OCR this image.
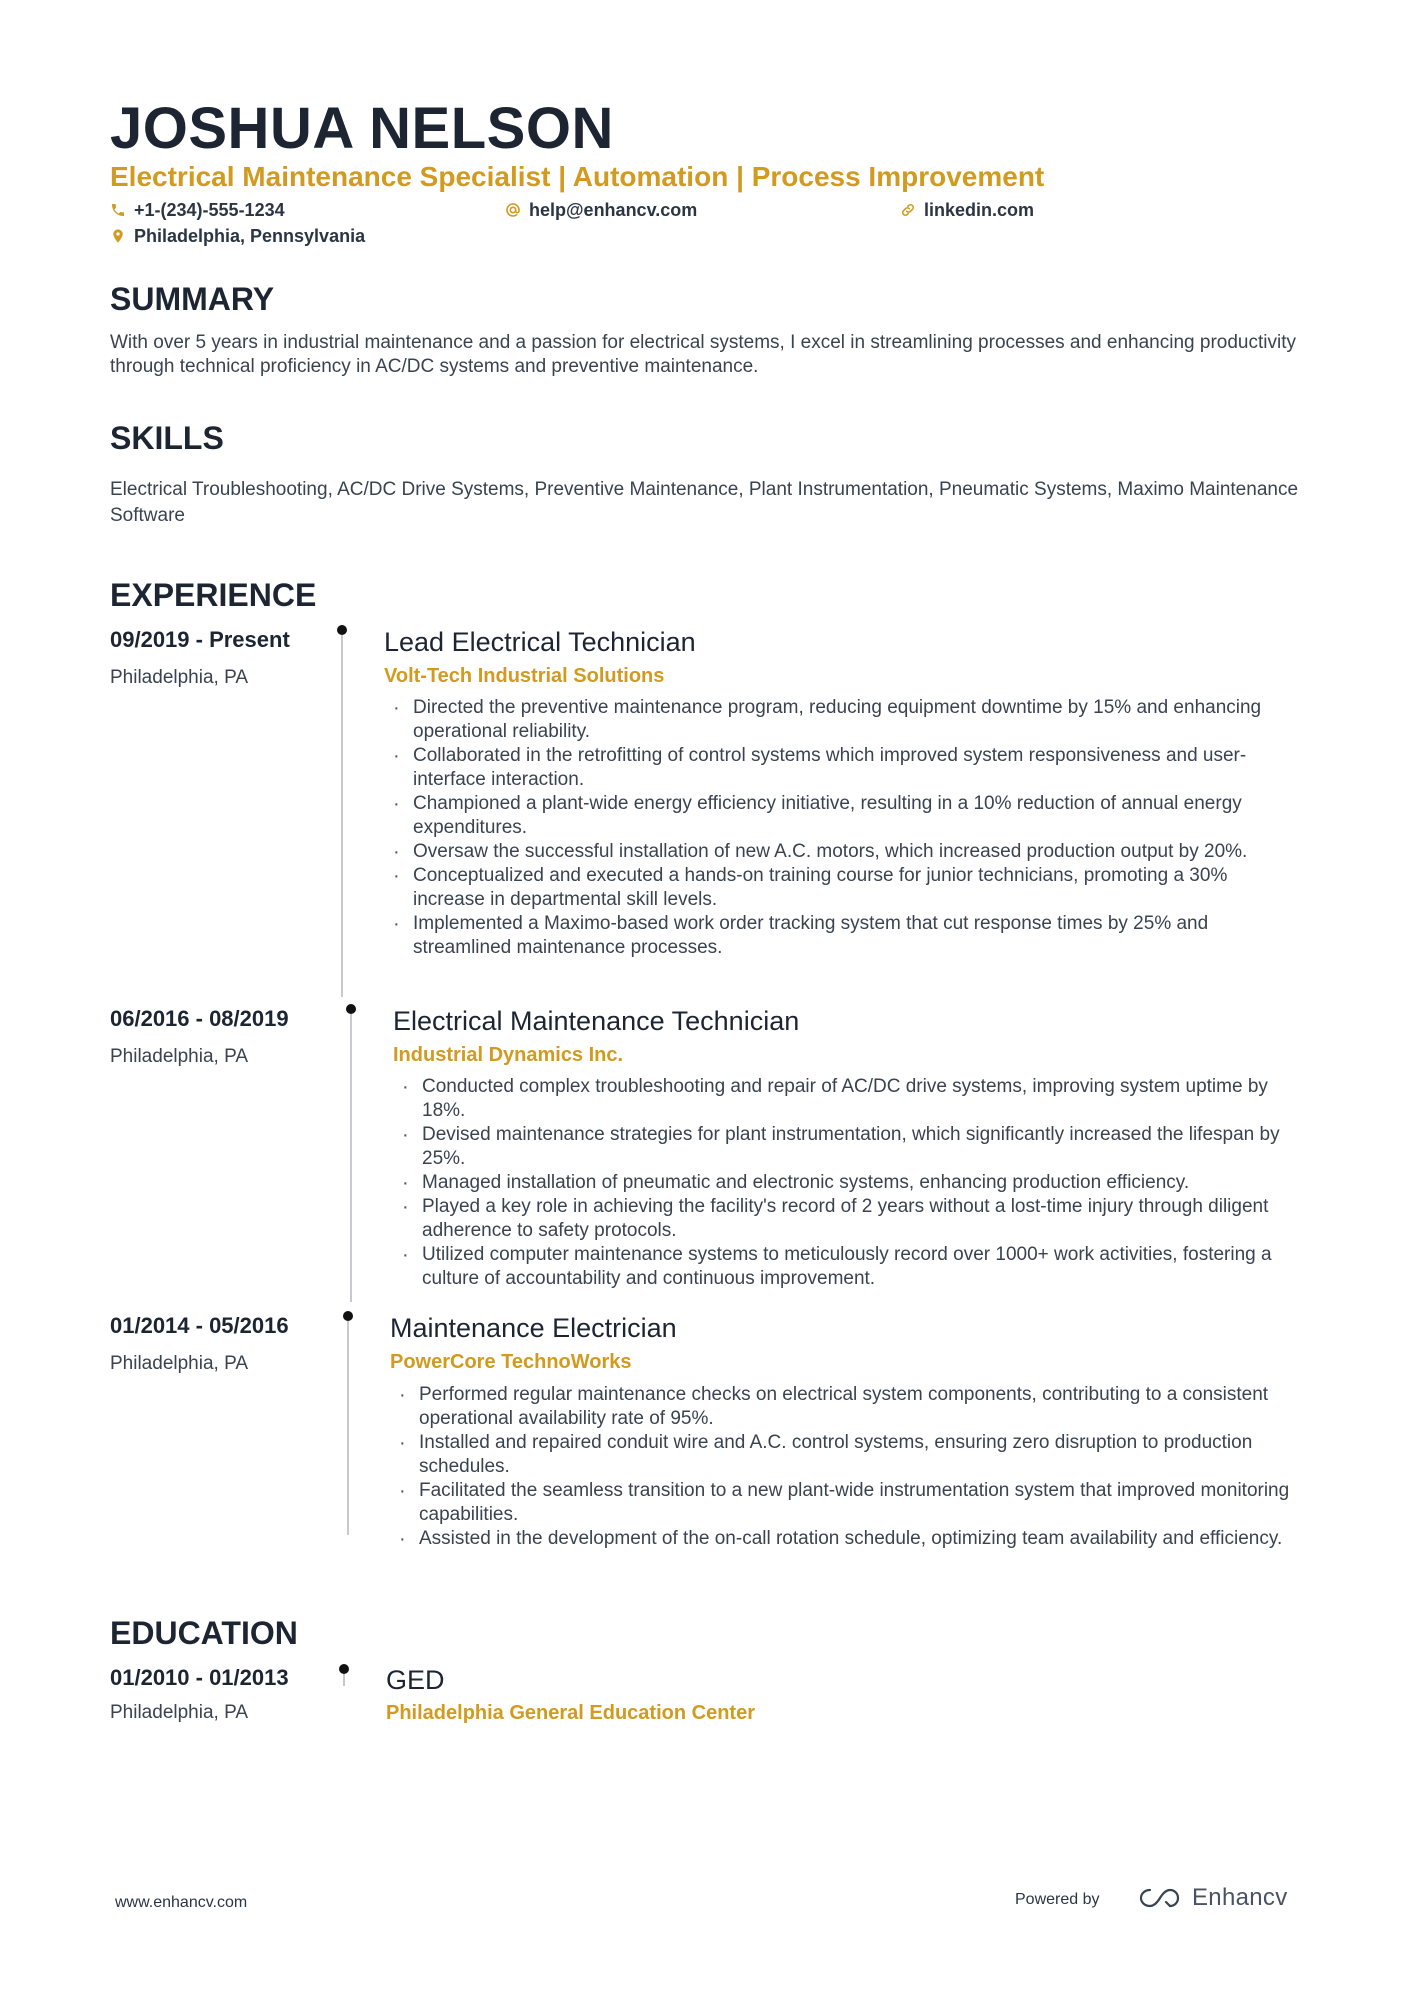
JOSHUA NELSON
Electrical Maintenance Specialist | Automation | Process Improvement
+1-(234)-555-1234	help@enhancv.com	linkedin.com
Philadelphia, Pennsylvania
SUMMARY
With over 5 years in industrial maintenance and a passion for electrical systems, I excel in streamlining processes and enhancing productivity through technical proficiency in AC/DC systems and preventive maintenance.
SKILLS
Electrical Troubleshooting, AC/DC Drive Systems, Preventive Maintenance, Plant Instrumentation, Pneumatic Systems, Maximo Maintenance Software
EXPERIENCE
09/2019 - Present
Philadelphia, PA
Lead Electrical Technician
Volt-Tech Industrial Solutions
· Directed the preventive maintenance program, reducing equipment downtime by 15% and enhancing operational reliability.
· Collaborated in the retrofitting of control systems which improved system responsiveness and user-interface interaction.
· Championed a plant-wide energy efficiency initiative, resulting in a 10% reduction of annual energy expenditures.
· Oversaw the successful installation of new A.C. motors, which increased production output by 20%.
· Conceptualized and executed a hands-on training course for junior technicians, promoting a 30% increase in departmental skill levels.
· Implemented a Maximo-based work order tracking system that cut response times by 25% and streamlined maintenance processes.
06/2016 - 08/2019
Philadelphia, PA
Electrical Maintenance Technician
Industrial Dynamics Inc.
· Conducted complex troubleshooting and repair of AC/DC drive systems, improving system uptime by 18%.
· Devised maintenance strategies for plant instrumentation, which significantly increased the lifespan by 25%.
· Managed installation of pneumatic and electronic systems, enhancing production efficiency.
· Played a key role in achieving the facility's record of 2 years without a lost-time injury through diligent adherence to safety protocols.
· Utilized computer maintenance systems to meticulously record over 1000+ work activities, fostering a culture of accountability and continuous improvement.
01/2014 - 05/2016
Philadelphia, PA
Maintenance Electrician
PowerCore TechnoWorks
· Performed regular maintenance checks on electrical system components, contributing to a consistent operational availability rate of 95%.
· Installed and repaired conduit wire and A.C. control systems, ensuring zero disruption to production schedules.
· Facilitated the seamless transition to a new plant-wide instrumentation system that improved monitoring capabilities.
· Assisted in the development of the on-call rotation schedule, optimizing team availability and efficiency.
EDUCATION
01/2010 - 01/2013
Philadelphia, PA
GED
Philadelphia General Education Center
www.enhancv.com	Powered by	Enhancv
